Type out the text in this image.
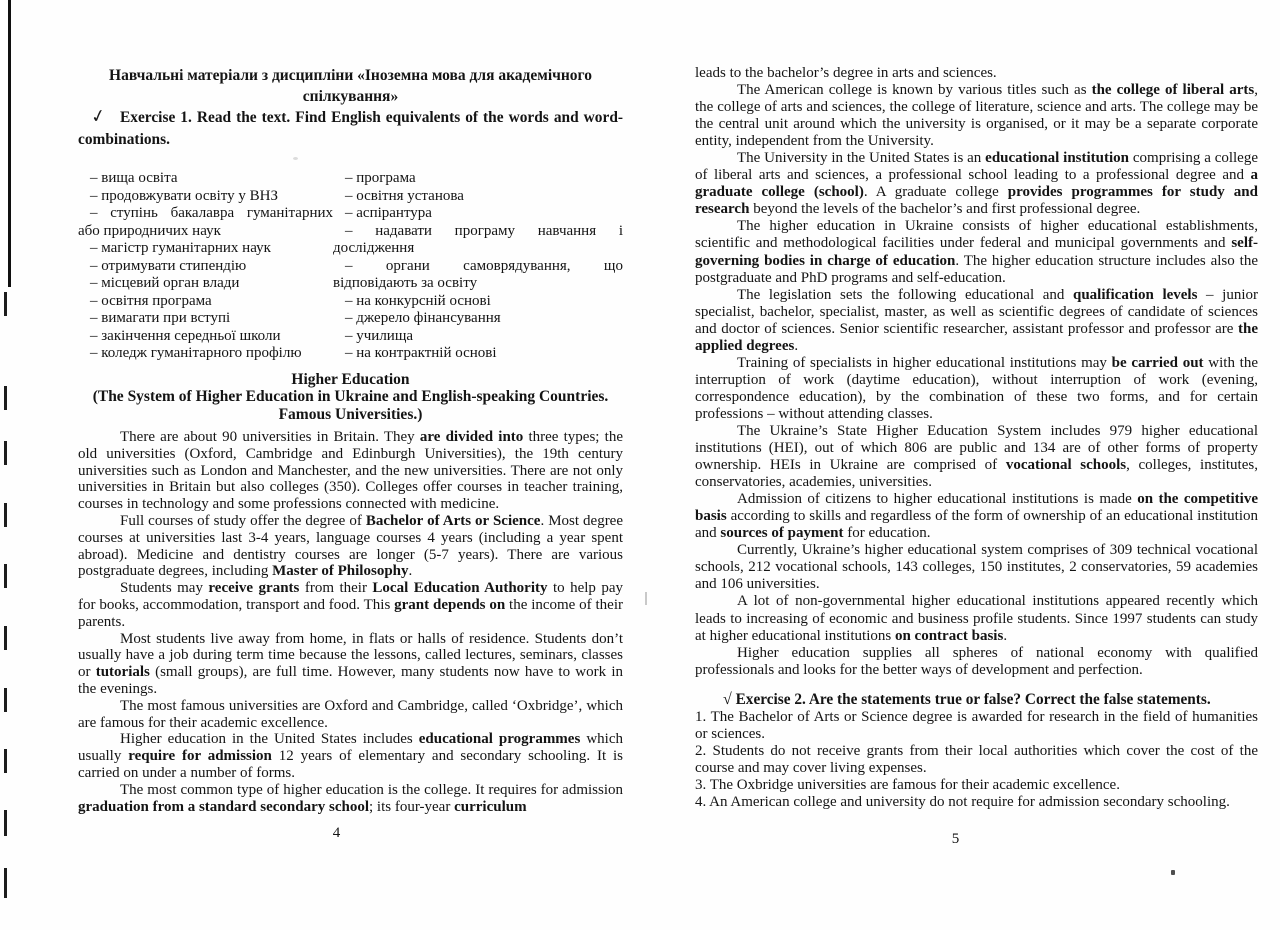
Навчальні матеріали з дисципліни «Іноземна мова для академічного спілкування»
✓ Exercise 1. Read the text. Find English equivalents of the words and word-combinations.

– вища освіта
– продовжувати освіту у ВНЗ
– ступінь бакалавра гуманітарних
або природничих наук
– магістр гуманітарних наук
– отримувати стипендію
– місцевий орган влади
– освітня програма
– вимагати при вступі
– закінчення середньої школи
– коледж гуманітарного профілю
– програма
– освітня установа
– аспірантура
– надавати програму навчання і
дослідження
– органи самоврядування, що
відповідають за освіту
– на конкурсній основі
– джерело фінансування
– училища
– на контрактній основі
Higher Education
(The System of Higher Education in Ukraine and English-speaking Countries.
Famous Universities.)

There are about 90 universities in Britain. They are divided into three types; the old universities (Oxford, Cambridge and Edinburgh Universities), the 19th century universities such as London and Manchester, and the new universities. There are not only universities in Britain but also colleges (350). Colleges offer courses in teacher training, courses in technology and some professions connected with medicine.

Full courses of study offer the degree of Bachelor of Arts or Science. Most degree courses at universities last 3-4 years, language courses 4 years (including a year spent abroad). Medicine and dentistry courses are longer (5-7 years). There are various postgraduate degrees, including Master of Philosophy.

Students may receive grants from their Local Education Authority to help pay for books, accommodation, transport and food. This grant depends on the income of their parents.

Most students live away from home, in flats or halls of residence. Students don’t usually have a job during term time because the lessons, called lectures, seminars, classes or tutorials (small groups), are full time. However, many students now have to work in the evenings.

The most famous universities are Oxford and Cambridge, called ‘Oxbridge’, which are famous for their academic excellence.

Higher education in the United States includes educational programmes which usually require for admission 12 years of elementary and secondary schooling. It is carried on under a number of forms.

The most common type of higher education is the college. It requires for admission graduation from a standard secondary school; its four-year curriculum

4

leads to the bachelor’s degree in arts and sciences.

The American college is known by various titles such as the college of liberal arts, the college of arts and sciences, the college of literature, science and arts. The college may be the central unit around which the university is organised, or it may be a separate corporate entity, independent from the University.

The University in the United States is an educational institution comprising a college of liberal arts and sciences, a professional school leading to a professional degree and a graduate college (school). A graduate college provides programmes for study and research beyond the levels of the bachelor’s and first professional degree.

The higher education in Ukraine consists of higher educational establishments, scientific and methodological facilities under federal and municipal governments and self-governing bodies in charge of education. The higher education structure includes also the postgraduate and PhD programs and self-education.

The legislation sets the following educational and qualification levels – junior specialist, bachelor, specialist, master, as well as scientific degrees of candidate of sciences and doctor of sciences. Senior scientific researcher, assistant professor and professor are the applied degrees.

Training of specialists in higher educational institutions may be carried out with the interruption of work (daytime education), without interruption of work (evening, correspondence education), by the combination of these two forms, and for certain professions – without attending classes.

The Ukraine’s State Higher Education System includes 979 higher educational institutions (HEI), out of which 806 are public and 134 are of other forms of property ownership. HEIs in Ukraine are comprised of vocational schools, colleges, institutes, conservatories, academies, universities.

Admission of citizens to higher educational institutions is made on the competitive basis according to skills and regardless of the form of ownership of an educational institution and sources of payment for education.

Currently, Ukraine’s higher educational system comprises of 309 technical vocational schools, 212 vocational schools, 143 colleges, 150 institutes, 2 conservatories, 59 academies and 106 universities.

A lot of non-governmental higher educational institutions appeared recently which leads to increasing of economic and business profile students. Since 1997 students can study at higher educational institutions on contract basis.

Higher education supplies all spheres of national economy with qualified professionals and looks for the better ways of development and perfection.

√ Exercise 2. Are the statements true or false? Correct the false statements.

1. The Bachelor of Arts or Science degree is awarded for research in the field of humanities or sciences.

2. Students do not receive grants from their local authorities which cover the cost of the course and may cover living expenses.

3. The Oxbridge universities are famous for their academic excellence.

4. An American college and university do not require for admission secondary schooling.

5
